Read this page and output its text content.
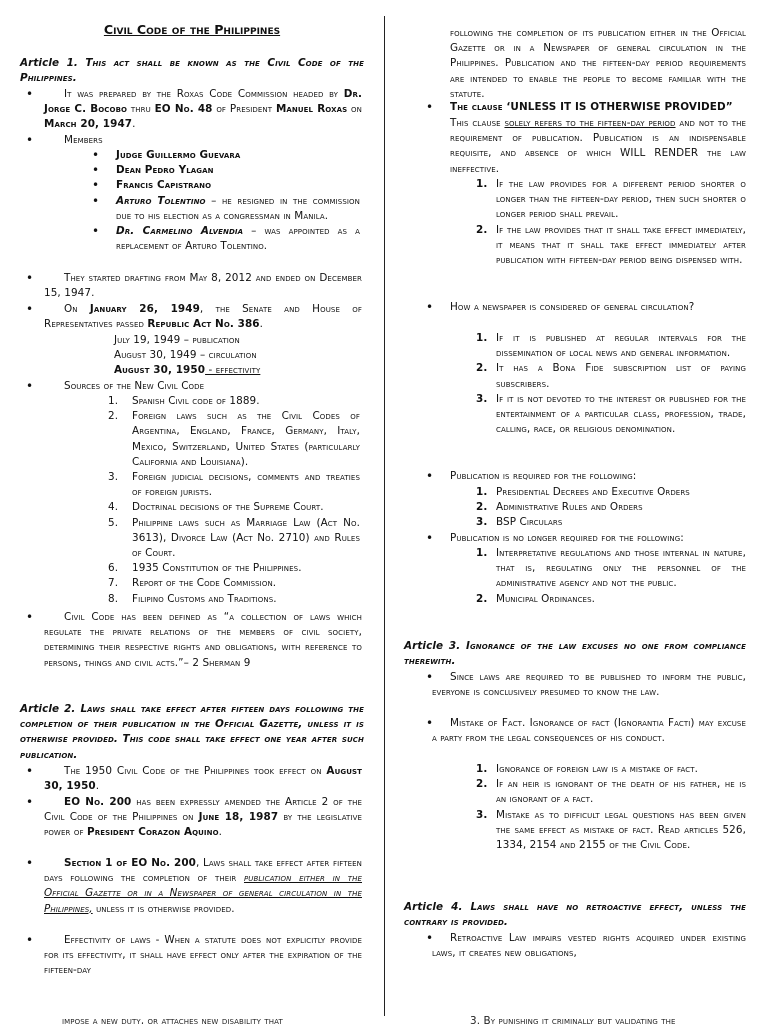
Civil Code of the Philippines
Article 1. This act shall be known as the Civil Code of the Philippines.
•	It was prepared by the Roxas Code Commission headed by Dr. Jorge C. Bocobo thru EO No. 48 of President Manuel Roxas on March 20, 1947.
•	Members
• Judge Guillermo Guevara
• Dean Pedro Ylagan
• Francis Capistrano
• Arturo Tolentino – he resigned in the commission due to his election as a congressman in Manila.
• Dr. Carmelino Alvendia – was appointed as a replacement of Arturo Tolentino.
•	They started drafting from May 8, 2012 and ended on December 15, 1947.
•	On January 26, 1949, the Senate and House of Representatives passed Republic Act No. 386.
July 19, 1949 – publication
August 30, 1949 – circulation
August 30, 1950 - effectivity
•	Sources of the New Civil Code
1. Spanish Civil code of 1889.
2. Foreign laws such as the Civil Codes of Argentina, England, France, Germany, Italy, Mexico, Switzerland, United States (particularly California and Louisiana).
3. Foreign judicial decisions, comments and treaties of foreign jurists.
4. Doctrinal decisions of the Supreme Court.
5. Philippine laws such as Marriage Law (Act No. 3613), Divorce Law (Act No. 2710) and Rules of Court.
6. 1935 Constitution of the Philippines.
7. Report of the Code Commission.
8. Filipino Customs and Traditions.
•	Civil Code has been defined as “a collection of laws which regulate the private relations of the members of civil society, determining their respective rights and obligations, with reference to persons, things and civil acts.”– 2 Sherman 9
Article 2. Laws shall take effect after fifteen days following the completion of their publication in the Official Gazette, unless it is otherwise provided. This code shall take effect one year after such publication.
•	The 1950 Civil Code of the Philippines took effect on August 30, 1950.
•	EO No. 200 has been expressly amended the Article 2 of the Civil Code of the Philippines on June 18, 1987 by the legislative power of President Corazon Aquino.
•	Section 1 of EO No. 200, Laws shall take effect after fifteen days following the completion of their publication either in the Official Gazette or in a Newspaper of general circulation in the Philippines, unless it is otherwise provided.
•	Effectivity of laws - When a statute does not explicitly provide for its effectivity, it shall have effect only after the expiration of the fifteen-day
impose a new duty, or attaches new disability that
following the completion of its publication either in the Official Gazette or in a Newspaper of general circulation in the Philippines. Publication and the fifteen-day period requirements are intended to enable the people to become familiar with the statute.
• The clause ‘UNLESS IT IS OTHERWISE PROVIDED”
This clause solely refers to the fifteen-day period and not to the requirement of publication. Publication is an indispensable requisite, and absence of which WILL RENDER the law ineffective.
1. If the law provides for a different period shorter o longer than the fifteen-day period, then such shorter o longer period shall prevail.
2. If the law provides that it shall take effect immediately, it means that it shall take effect immediately after publication with fifteen-day period being dispensed with.
• How a newspaper is considered of general circulation?
1. If it is published at regular intervals for the dissemination of local news and general information.
2. It has a Bona Fide subscription list of paying subscribers.
3. If it is not devoted to the interest or published for the entertainment of a particular class, profession, trade, calling, race, or religious denomination.
• Publication is required for the following:
1. Presidential Decrees and Executive Orders
2. Administrative Rules and Orders
3. BSP Circulars
• Publication is no longer required for the following:
1. Interpretative regulations and those internal in nature, that is, regulating only the personnel of the administrative agency and not the public.
2. Municipal Ordinances.
Article 3. Ignorance of the law excuses no one from compliance therewith.
• Since laws are required to be published to inform the public, everyone is conclusively presumed to know the law.
• Mistake of Fact. Ignorance of fact (Ignorantia Facti) may excuse a party from the legal consequences of his conduct.
1. Ignorance of foreign law is a mistake of fact.
2. If an heir is ignorant of the death of his father, he is an ignorant of a fact.
3. Mistake as to difficult legal questions has been given the same effect as mistake of fact. Read articles 526, 1334, 2154 and 2155 of the Civil Code.
Article 4. Laws shall have no retroactive effect, unless the contrary is provided.
• Retroactive Law impairs vested rights acquired under existing laws, it creates new obligations,
3. By punishing it criminally but validating the
